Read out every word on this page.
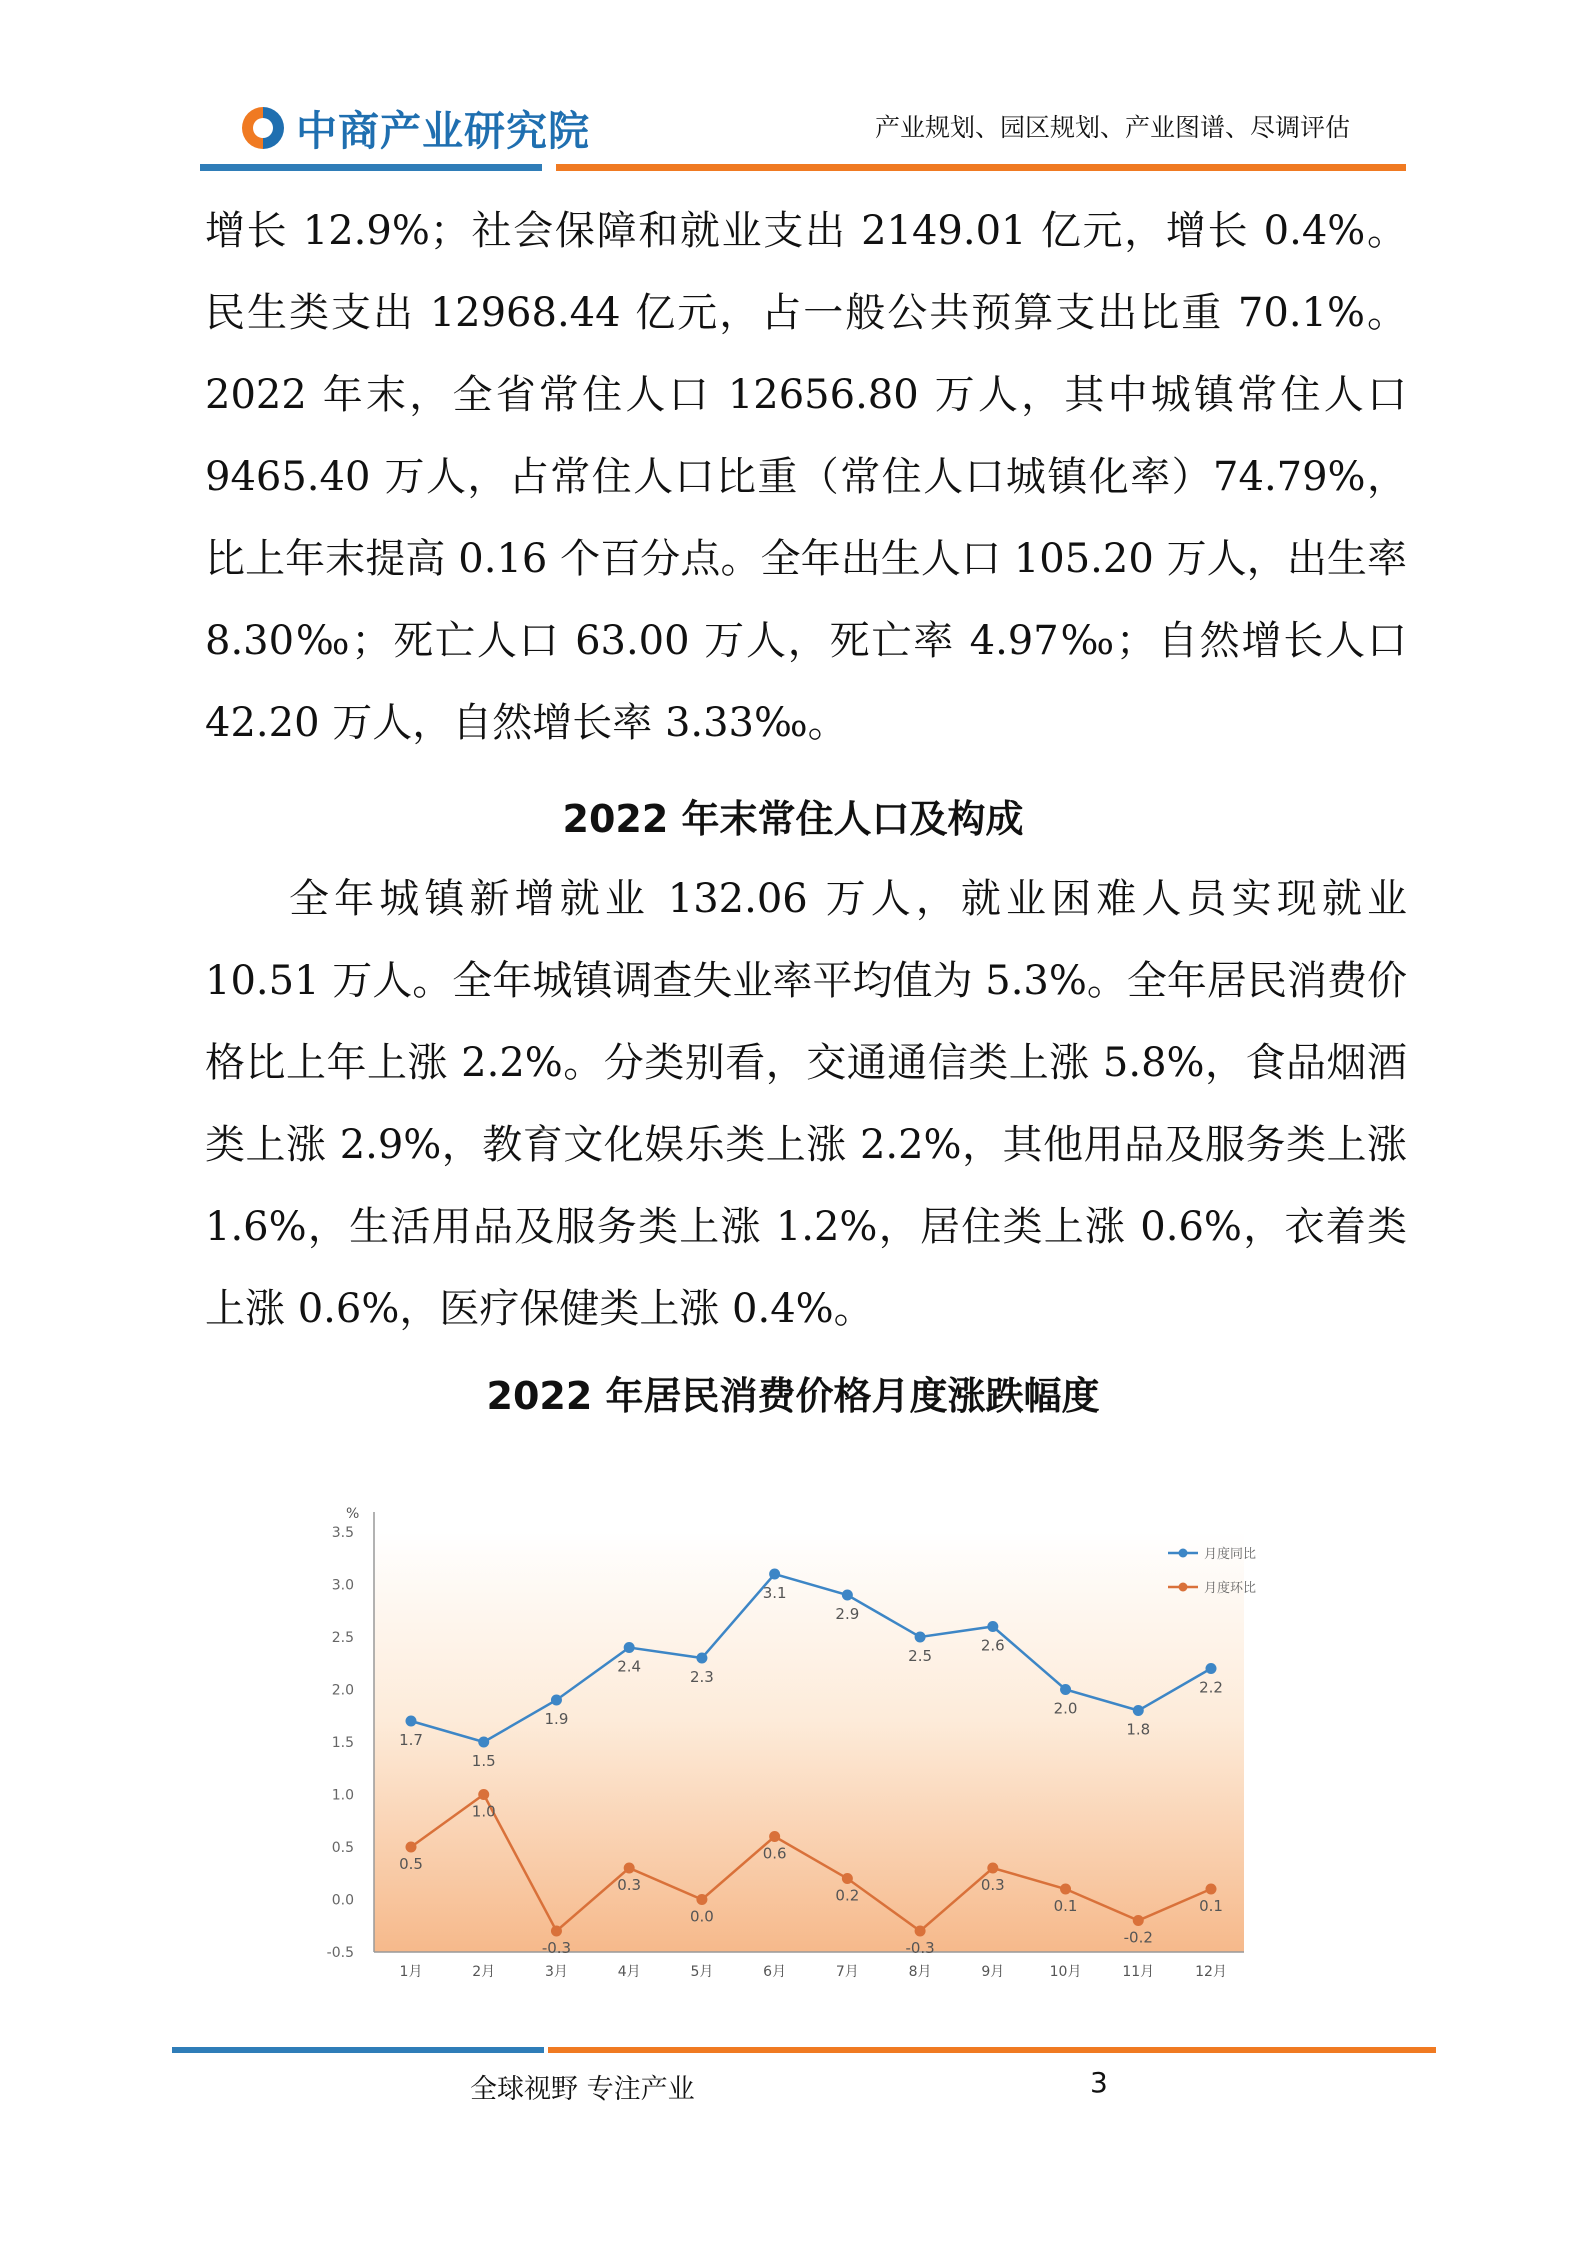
中商产业研究院	产业规划、园区规划、产业图谱、尽调评估

增长 12.9%；社会保障和就业支出 2149.01 亿元，增长 0.4%。民生类支出 12968.44 亿元，占一般公共预算支出比重 70.1%。2022 年末，全省常住人口 12656.80 万人，其中城镇常住人口 9465.40 万人，占常住人口比重（常住人口城镇化率）74.79%，比上年末提高 0.16 个百分点。全年出生人口 105.20 万人，出生率 8.30‰；死亡人口 63.00 万人，死亡率 4.97‰；自然增长人口 42.20 万人，自然增长率 3.33‰。

2022 年末常住人口及构成

全年城镇新增就业 132.06 万人，就业困难人员实现就业 10.51 万人。全年城镇调查失业率平均值为 5.3%。全年居民消费价格比上年上涨 2.2%。分类别看，交通通信类上涨 5.8%，食品烟酒类上涨 2.9%，教育文化娱乐类上涨 2.2%，其他用品及服务类上涨 1.6%，生活用品及服务类上涨 1.2%，居住类上涨 0.6%，衣着类上涨 0.6%，医疗保健类上涨 0.4%。

2022 年居民消费价格月度涨跌幅度
%
3.5
3.0
2.5
2.0
1.5
1.0
0.5
0.0
-0.5
1月	2月	3月	4月	5月	6月	7月	8月	9月	10月	11月	12月
1.7
1.5
1.9
2.4
2.3
3.1
2.9
2.5
2.6
2.0
1.8
2.2
0.5
1.0
-0.3
0.3
0.0
0.6
0.2
-0.3
0.3
0.1
-0.2
0.1
月度同比
月度环比
全球视野 专注产业	3
